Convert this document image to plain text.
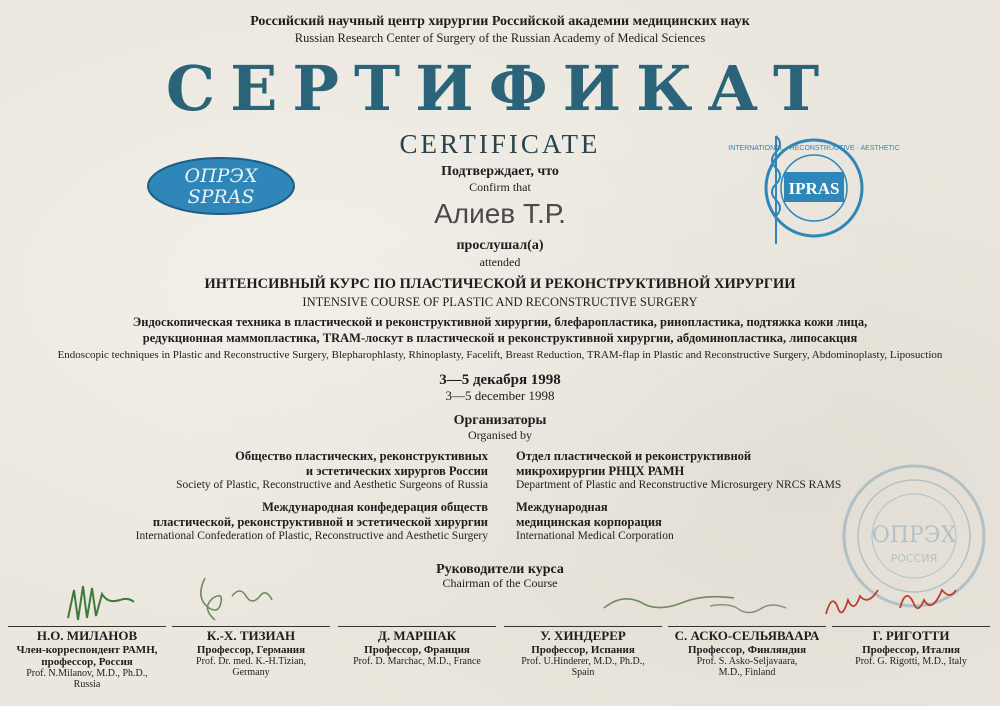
Российский научный центр хирургии Российской академии медицинских наук
Russian Research Center of Surgery of the Russian Academy of Medical Sciences
СЕРТИФИКАТ
CERTIFICATE
ОПРЭХ
SPRAS	IPRAS
INTERNATIONAL · RECONSTRUCTIVE · AESTHETIC
Подтверждает, что
Confirm that
Алиев Т.Р.
прослушал(а)
attended
ИНТЕНСИВНЫЙ КУРС ПО ПЛАСТИЧЕСКОЙ И РЕКОНСТРУКТИВНОЙ ХИРУРГИИ
INTENSIVE COURSE OF PLASTIC AND RECONSTRUCTIVE SURGERY
Эндоскопическая техника в пластической и реконструктивной хирургии, блефаропластика, ринопластика, подтяжка кожи лица,
редукционная маммопластика, TRAM-лоскут в пластической и реконструктивной хирургии, абдоминопластика, липосакция
Endoscopic techniques in Plastic and Reconstructive Surgery, Blepharophlasty, Rhinoplasty, Facelift, Breast Reduction, TRAM-flap in Plastic and Reconstructive Surgery, Abdominoplasty, Liposuction
3—5 декабря 1998
3—5 december 1998
Организаторы
Organised by
Общество пластических, реконструктивных
и эстетических хирургов России
Society of Plastic, Reconstructive and Aesthetic Surgeons of Russia
Международная конфедерация обществ
пластической, реконструктивной и эстетической хирургии
International Confederation of Plastic, Reconstructive and Aesthetic Surgery
Отдел пластической и реконструктивной
микрохирургии РНЦХ РАМН
Department of Plastic and Reconstructive Microsurgery NRCS RAMS
Международная
медицинская корпорация
International Medical Corporation	ОПРЭХ
РОССИЯ
Руководители курса
Chairman of the Course
Н.О. МИЛАНОВ
Член-корреспондент РАМН,
профессор, Россия
Prof. N.Milanov, M.D., Ph.D.,
Russia
К.-Х. ТИЗИАН
Профессор, Германия
Prof. Dr. med. K.-H.Tizian,
Germany
Д. МАРШАК
Профессор, Франция
Prof. D. Marchac, M.D., France
У. ХИНДЕРЕР
Профессор, Испания
Prof. U.Hinderer, M.D., Ph.D.,
Spain
С. АСКО-СЕЛЬЯВААРА
Профессор, Финляндия
Prof. S. Asko-Seljavaara,
M.D., Finland
Г. РИГОТТИ
Профессор, Италия
Prof. G. Rigotti, M.D., Italy
